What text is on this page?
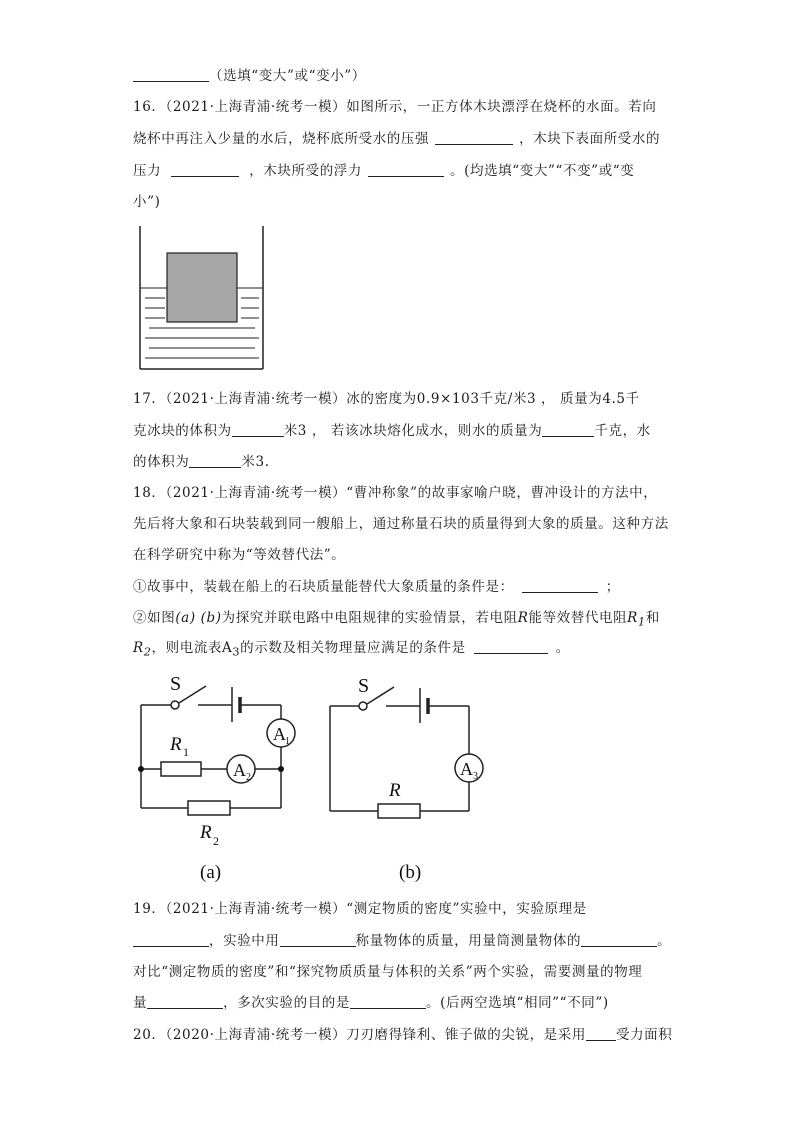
（选填“变大”或“变小”）
16．（2021·上海青浦·统考一模）如图所示，一正方体木块漂浮在烧杯的水面。若向
烧杯中再注入少量的水后，烧杯底所受水的压强	，木块下表面所受水的
压力	，木块所受的浮力	。(均选填“变大”“不变”或“变
小”)
17．（2021·上海青浦·统考一模）冰的密度为0.9×103千克/米3 ， 质量为4.5千
克冰块的体积为	米3 ， 若该冰块熔化成水，则水的质量为	千克，水
的体积为	米3.
18．（2021·上海青浦·统考一模）“曹冲称象”的故事家喻户晓，曹冲设计的方法中，
先后将大象和石块装载到同一艘船上，通过称量石块的质量得到大象的质量。这种方法
在科学研究中称为“等效替代法”。
①故事中，装载在船上的石块质量能替代大象质量的条件是：	；
②如图(a) (b)为探究并联电路中电阻规律的实验情景，若电阻R能等效替代电阻$R_1$和
$R_2$，则电流表$A_3$的示数及相关物理量应满足的条件是	。
S
A 1
A 2
R 1
R 2
(a)
S
A 3
R
(b)
19．（2021·上海青浦·统考一模）“测定物质的密度”实验中，实验原理是
，实验中用	称量物体的质量，用量筒测量物体的	。
对比“测定物质的密度”和“探究物质质量与体积的关系”两个实验，需要测量的物理
量	，多次实验的目的是	。(后两空选填“相同”“不同”)
20．（2020·上海青浦·统考一模）刀刃磨得锋利、锥子做的尖锐，是采用 受力面积
